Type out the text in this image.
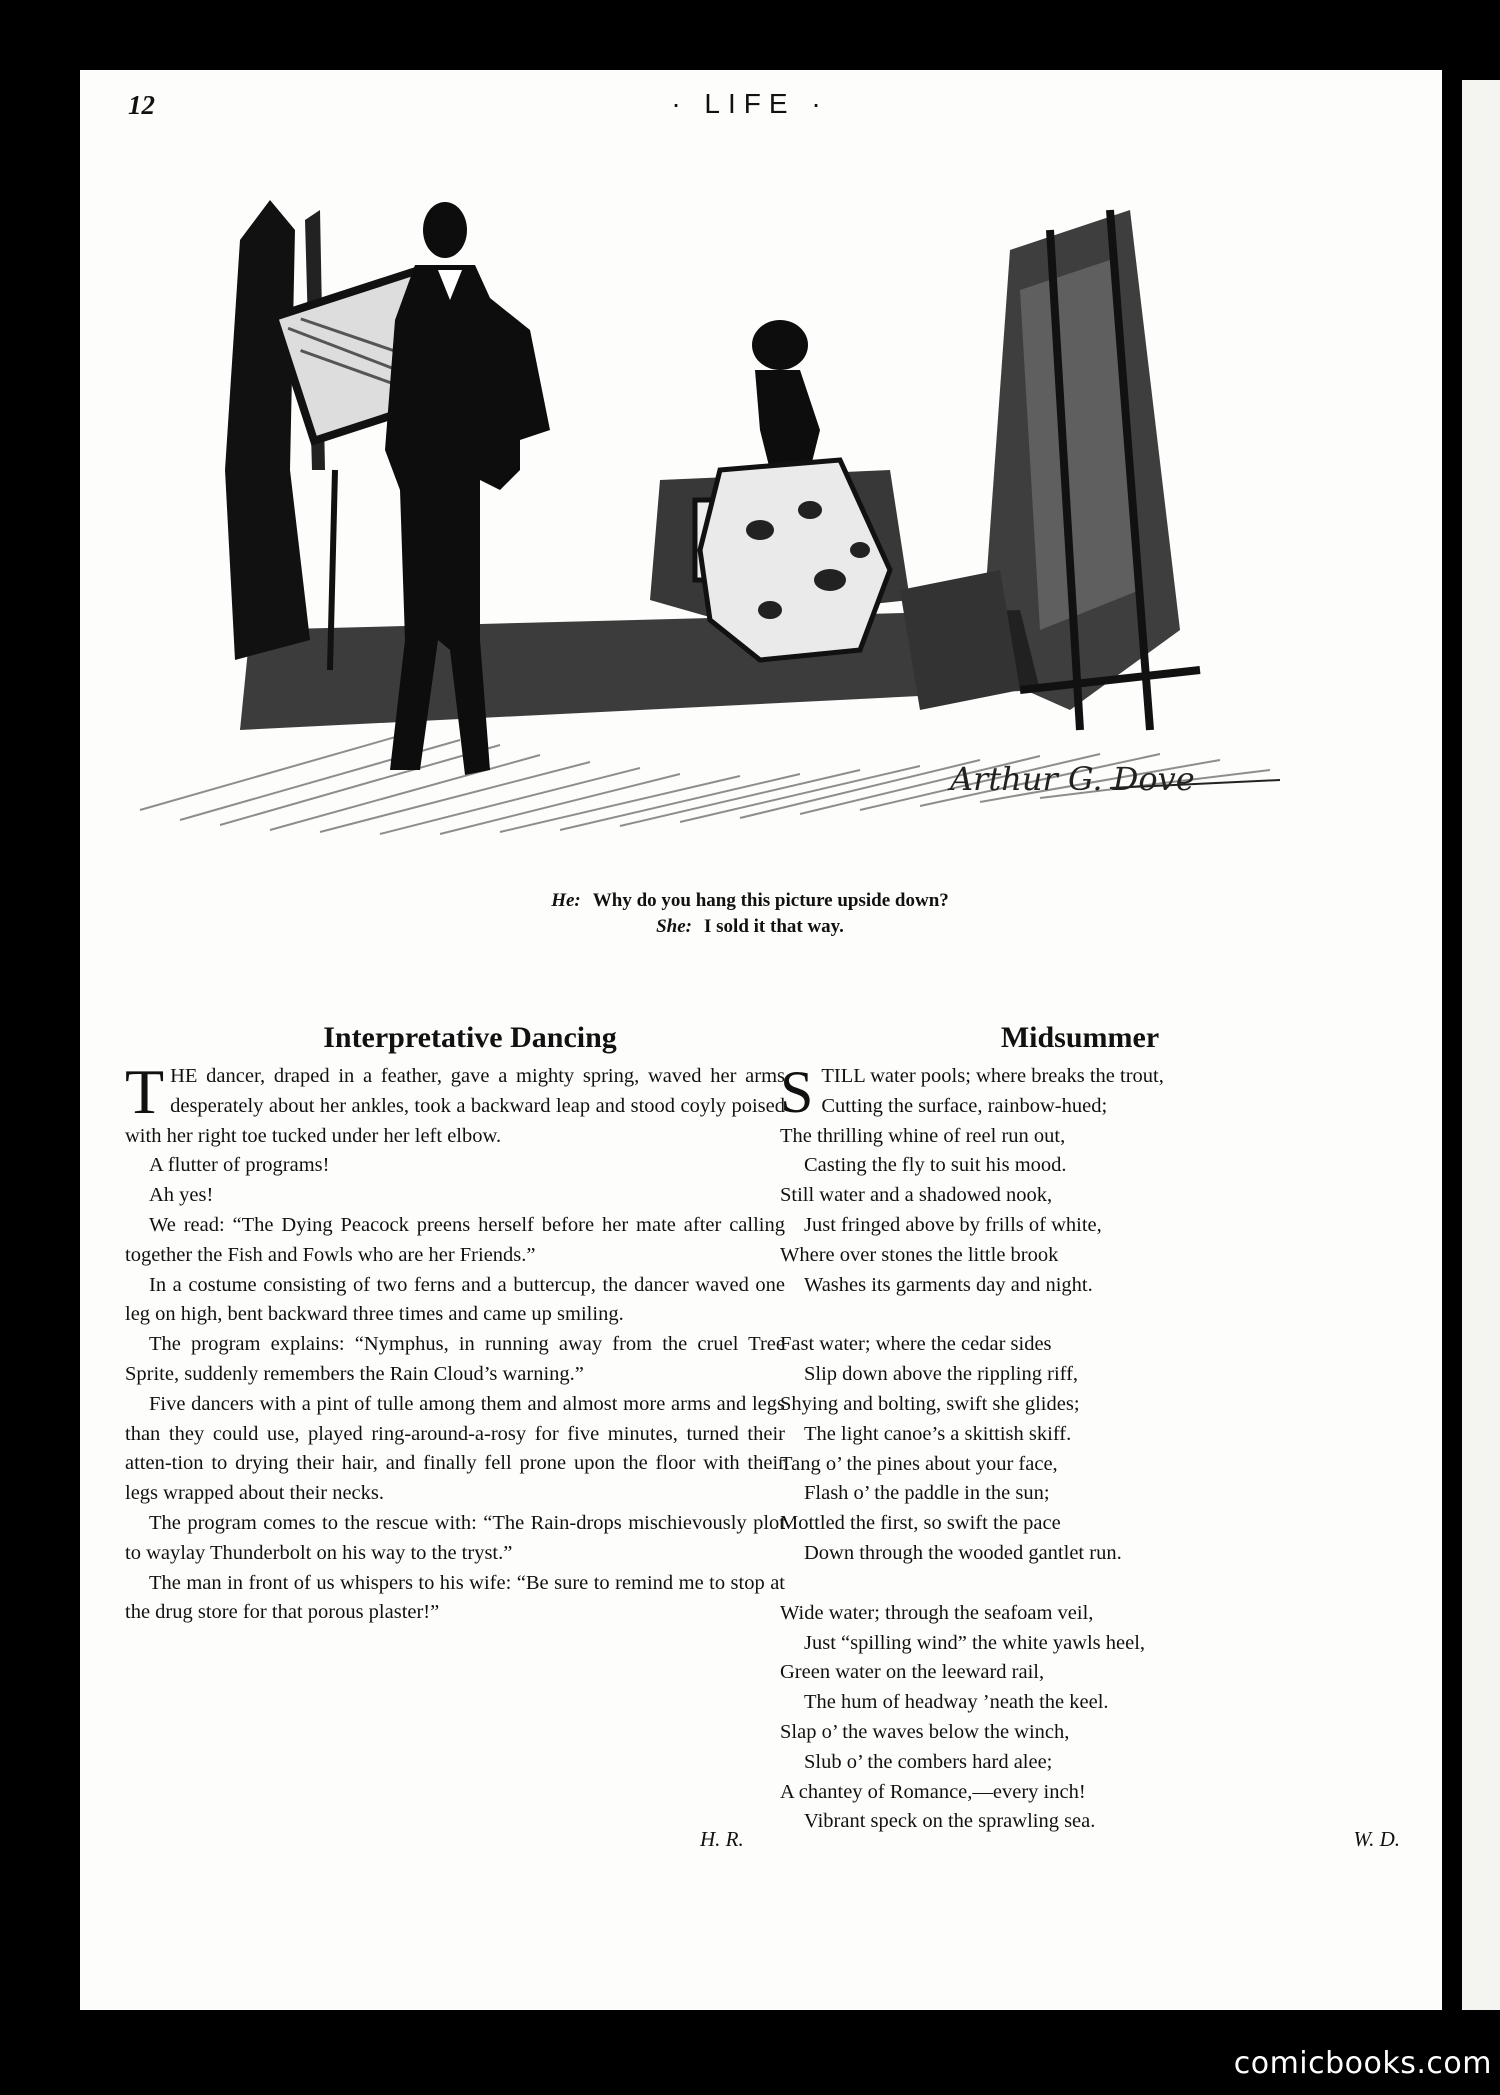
12	· LIFE ·
Arthur G. Dove
He: Why do you hang this picture upside down?
She: I sold it that way.
Interpretative Dancing

THE dancer, draped in a feather, gave a mighty spring, waved her arms desperately about her ankles, took a backward leap and stood coyly poised with her right toe tucked under her left elbow.

A flutter of programs!

Ah yes!

We read: “The Dying Peacock preens herself before her mate after calling together the Fish and Fowls who are her Friends.”

In a costume consisting of two ferns and a buttercup, the dancer waved one leg on high, bent backward three times and came up smiling.

The program explains: “Nymphus, in running away from the cruel Tree Sprite, suddenly remembers the Rain Cloud’s warning.”

Five dancers with a pint of tulle among them and almost more arms and legs than they could use, played ring-around-a-rosy for five minutes, turned their atten-tion to drying their hair, and finally fell prone upon the floor with their legs wrapped about their necks.

The program comes to the rescue with: “The Rain-drops mischievously plot to waylay Thunderbolt on his way to the tryst.”

The man in front of us whispers to his wife: “Be sure to remind me to stop at the drug store for that porous plaster!”

H. R.
Midsummer
S TILL water pools; where breaks the trout,
Cutting the surface, rainbow-hued;
The thrilling whine of reel run out,
Casting the fly to suit his mood.
Still water and a shadowed nook,
Just fringed above by frills of white,
Where over stones the little brook
Washes its garments day and night.
Fast water; where the cedar sides
Slip down above the rippling riff,
Shying and bolting, swift she glides;
The light canoe’s a skittish skiff.
Tang o’ the pines about your face,
Flash o’ the paddle in the sun;
Mottled the first, so swift the pace
Down through the wooded gantlet run.
Wide water; through the seafoam veil,
Just “spilling wind” the white yawls heel,
Green water on the leeward rail,
The hum of headway ’neath the keel.
Slap o’ the waves below the winch,
Slub o’ the combers hard alee;
A chantey of Romance,—every inch!
Vibrant speck on the sprawling sea.
W. D.
comicbooks.com
